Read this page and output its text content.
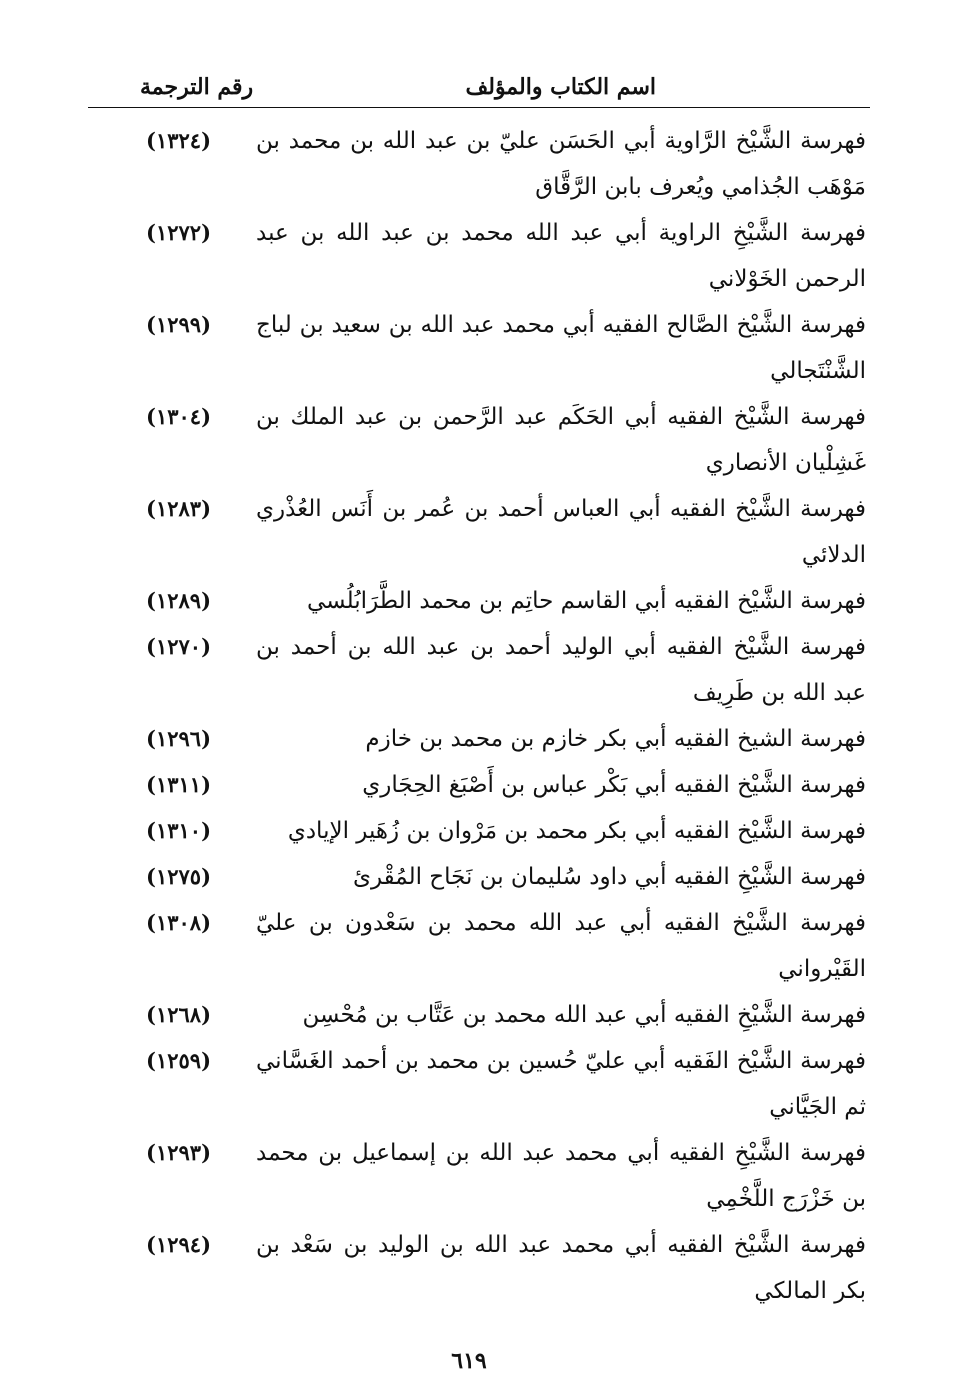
اسم الكتاب والمؤلف
رقم الترجمة
فهرسة الشَّيْخ الرَّاوية أبي الحَسَن عليّ بن عبد الله بن محمد بن مَوْهَب الجُذامي ويُعرف بابن الرَّقَّاق
(١٣٢٤)
فهرسة الشَّيْخِ الراوية أبي عبد الله محمد بن عبد الله بن عبد الرحمن الخَوْلاني
(١٢٧٢)
فهرسة الشَّيْخ الصَّالح الفقيه أبي محمد عبد الله بن سعيد بن لباج الشَّنْتَجالي
(١٢٩٩)
فهرسة الشَّيْخ الفقيه أبي الحَكَم عبد الرَّحمن بن عبد الملك بن غَشِلْيان الأنصاري
(١٣٠٤)
فهرسة الشَّيْخ الفقيه أبي العباس أحمد بن عُمر بن أَنَس العُذْري الدلائي
(١٢٨٣)
فهرسة الشَّيْخ الفقيه أبي القاسم حاتِم بن محمد الطَّرَابُلُسي
(١٢٨٩)
فهرسة الشَّيْخ الفقيه أبي الوليد أحمد بن عبد الله بن أحمد بن عبد الله بن طَرِيف
(١٢٧٠)
فهرسة الشيخ الفقيه أبي بكر خازم بن محمد بن خازم
(١٢٩٦)
فهرسة الشَّيْخ الفقيه أبي بَكْر عباس بن أَصْبَغ الحِجَاري
(١٣١١)
فهرسة الشَّيْخ الفقيه أبي بكر محمد بن مَرْوان بن زُهَير الإيادي
(١٣١٠)
فهرسة الشَّيْخِ الفقيه أبي داود سُليمان بن نَجَاح المُقْرئ
(١٢٧٥)
فهرسة الشَّيْخ الفقيه أبي عبد الله محمد بن سَعْدون بن عليّ القَيْرواني
(١٣٠٨)
فهرسة الشَّيْخِ الفقيه أبي عبد الله محمد بن عَتَّاب بن مُحْسِن
(١٢٦٨)
فهرسة الشَّيْخ الفَقيه أبي عليّ حُسين بن محمد بن أحمد الغَسَّاني ثم الجَيَّاني
(١٢٥٩)
فهرسة الشَّيْخِ الفقيه أبي محمد عبد الله بن إسماعيل بن محمد بن خَزْرَج اللَّخْمِي
(١٢٩٣)
فهرسة الشَّيْخ الفقيه أبي محمد عبد الله بن الوليد بن سَعْد بن بكر المالكي
(١٢٩٤)
٦١٩
